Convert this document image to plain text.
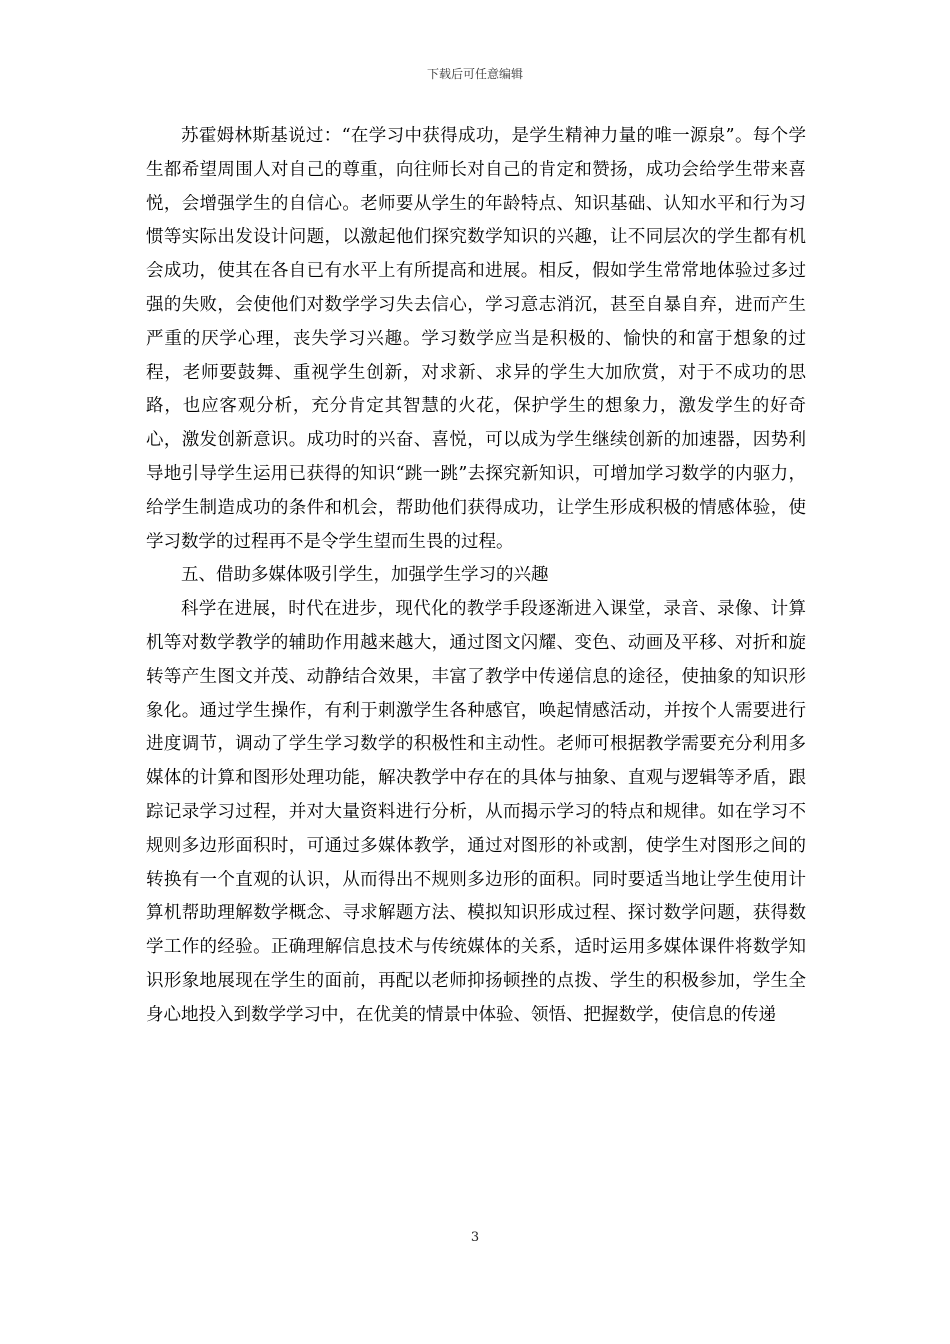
下载后可任意编辑

苏霍姆林斯基说过：“在学习中获得成功，是学生精神力量的唯一源泉”。每个学生都希望周围人对自己的尊重，向往师长对自己的肯定和赞扬，成功会给学生带来喜悦，会增强学生的自信心。老师要从学生的年龄特点、知识基础、认知水平和行为习惯等实际出发设计问题，以激起他们探究数学知识的兴趣，让不同层次的学生都有机会成功，使其在各自已有水平上有所提高和进展。相反，假如学生常常地体验过多过强的失败，会使他们对数学学习失去信心，学习意志消沉，甚至自暴自弃，进而产生严重的厌学心理，丧失学习兴趣。学习数学应当是积极的、愉快的和富于想象的过程，老师要鼓舞、重视学生创新，对求新、求异的学生大加欣赏，对于不成功的思路，也应客观分析，充分肯定其智慧的火花，保护学生的想象力，激发学生的好奇心，激发创新意识。成功时的兴奋、喜悦，可以成为学生继续创新的加速器，因势利导地引导学生运用已获得的知识“跳一跳”去探究新知识，可增加学习数学的内驱力，给学生制造成功的条件和机会，帮助他们获得成功，让学生形成积极的情感体验，使学习数学的过程再不是令学生望而生畏的过程。

五、借助多媒体吸引学生，加强学生学习的兴趣

科学在进展，时代在进步，现代化的教学手段逐渐进入课堂，录音、录像、计算机等对数学教学的辅助作用越来越大，通过图文闪耀、变色、动画及平移、对折和旋转等产生图文并茂、动静结合效果，丰富了教学中传递信息的途径，使抽象的知识形象化。通过学生操作，有利于刺激学生各种感官，唤起情感活动，并按个人需要进行进度调节，调动了学生学习数学的积极性和主动性。老师可根据教学需要充分利用多媒体的计算和图形处理功能，解决教学中存在的具体与抽象、直观与逻辑等矛盾，跟踪记录学习过程，并对大量资料进行分析，从而揭示学习的特点和规律。如在学习不规则多边形面积时，可通过多媒体教学，通过对图形的补或割，使学生对图形之间的转换有一个直观的认识，从而得出不规则多边形的面积。同时要适当地让学生使用计算机帮助理解数学概念、寻求解题方法、模拟知识形成过程、探讨数学问题，获得数学工作的经验。正确理解信息技术与传统媒体的关系，适时运用多媒体课件将数学知识形象地展现在学生的面前，再配以老师抑扬顿挫的点拨、学生的积极参加，学生全身心地投入到数学学习中，在优美的情景中体验、领悟、把握数学，使信息的传递

3
